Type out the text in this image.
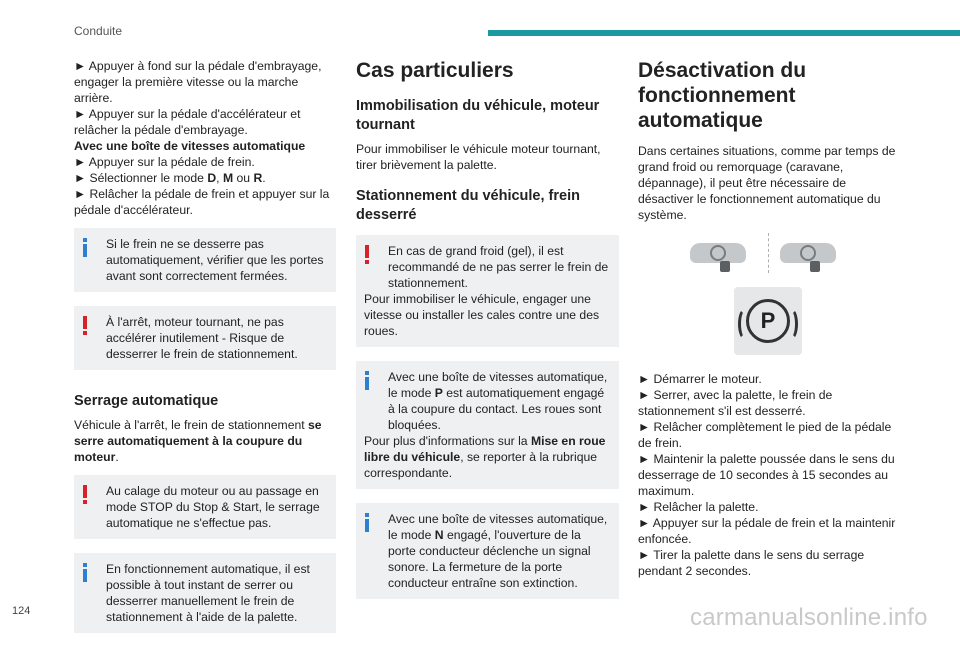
Conduite

► Appuyer à fond sur la pédale d'embrayage, engager la première vitesse ou la marche arrière.

► Appuyer sur la pédale d'accélérateur et relâcher la pédale d'embrayage.

Avec une boîte de vitesses automatique

► Appuyer sur la pédale de frein.

► Sélectionner le mode D, M ou R.

► Relâcher la pédale de frein et appuyer sur la pédale d'accélérateur.

Si le frein ne se desserre pas automatiquement, vérifier que les portes avant sont correctement fermées.

À l'arrêt, moteur tournant, ne pas accélérer inutilement - Risque de desserrer le frein de stationnement.

Serrage automatique

Véhicule à l'arrêt, le frein de stationnement se serre automatiquement à la coupure du moteur.

Au calage du moteur ou au passage en mode STOP du Stop & Start, le serrage automatique ne s'effectue pas.

En fonctionnement automatique, il est possible à tout instant de serrer ou desserrer manuellement le frein de stationnement à l'aide de la palette.

Cas particuliers
Immobilisation du véhicule, moteur tournant

Pour immobiliser le véhicule moteur tournant, tirer brièvement la palette.

Stationnement du véhicule, frein desserré

En cas de grand froid (gel), il est recommandé de ne pas serrer le frein de stationnement.

Pour immobiliser le véhicule, engager une vitesse ou installer les cales contre une des roues.

Avec une boîte de vitesses automatique, le mode P est automatiquement engagé à la coupure du contact. Les roues sont bloquées.

Pour plus d'informations sur la Mise en roue libre du véhicule, se reporter à la rubrique correspondante.

Avec une boîte de vitesses automatique, le mode N engagé, l'ouverture de la porte conducteur déclenche un signal sonore. La fermeture de la porte conducteur entraîne son extinction.

Désactivation du fonctionnement automatique

Dans certaines situations, comme par temps de grand froid ou remorquage (caravane, dépannage), il peut être nécessaire de désactiver le fonctionnement automatique du système.

P

► Démarrer le moteur.

► Serrer, avec la palette, le frein de stationnement s'il est desserré.

► Relâcher complètement le pied de la pédale de frein.

► Maintenir la palette poussée dans le sens du desserrage de 10 secondes à 15 secondes au maximum.

► Relâcher la palette.

► Appuyer sur la pédale de frein et la maintenir enfoncée.

► Tirer la palette dans le sens du serrage pendant 2 secondes.

124	carmanualsonline.info
